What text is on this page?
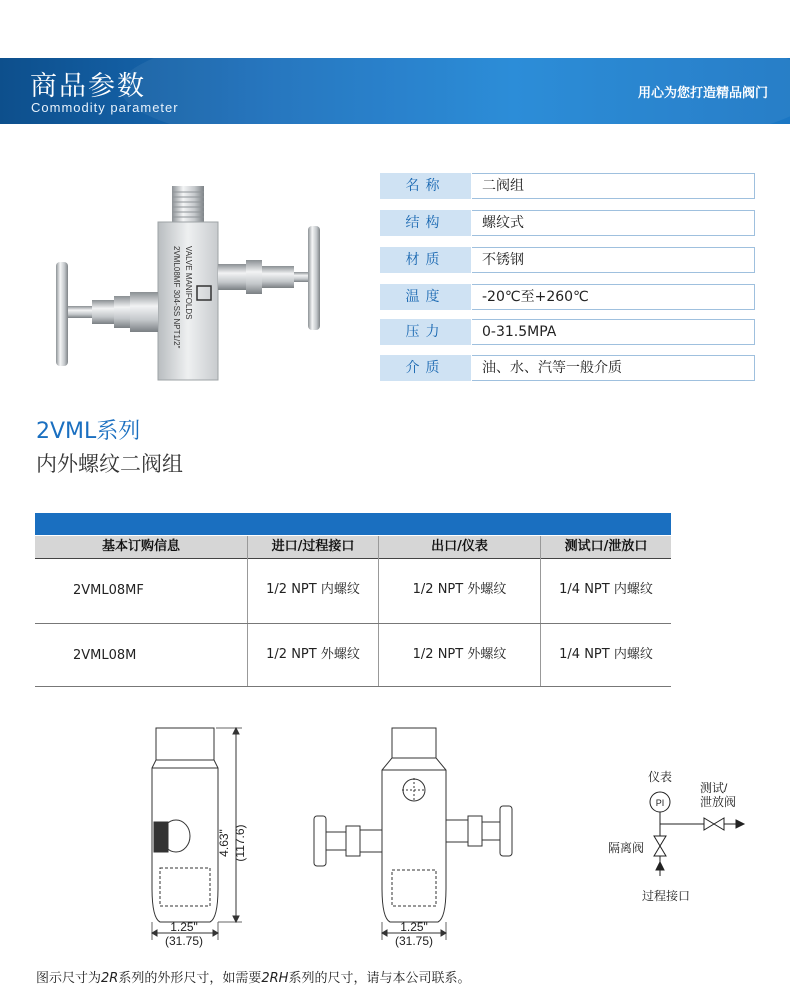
商品参数
Commodity parameter
用心为您打造精品阀门
VALVE MANIFOLDS
2VML08MF 304-SS NPT1/2"
名称	二阀组
结构	螺纹式
材质	不锈钢
温度	-20℃至+260℃
压力	0-31.5MPA
介质	油、水、汽等一般介质
2VML系列
内外螺纹二阀组
基本订购信息	进口/过程接口	出口/仪表	测试口/泄放口
2VML08MF	1/2 NPT 内螺纹	1/2 NPT 外螺纹	1/4 NPT 内螺纹
2VML08M	1/2 NPT 外螺纹	1/2 NPT 外螺纹	1/4 NPT 内螺纹
4.63" (117.6)
1.25"
(31.75)
1.25"
(31.75)
PI
仪表
测试/
泄放阀
隔离阀
过程接口
图示尺寸为2R系列的外形尺寸，如需要2RH系列的尺寸，请与本公司联系。
